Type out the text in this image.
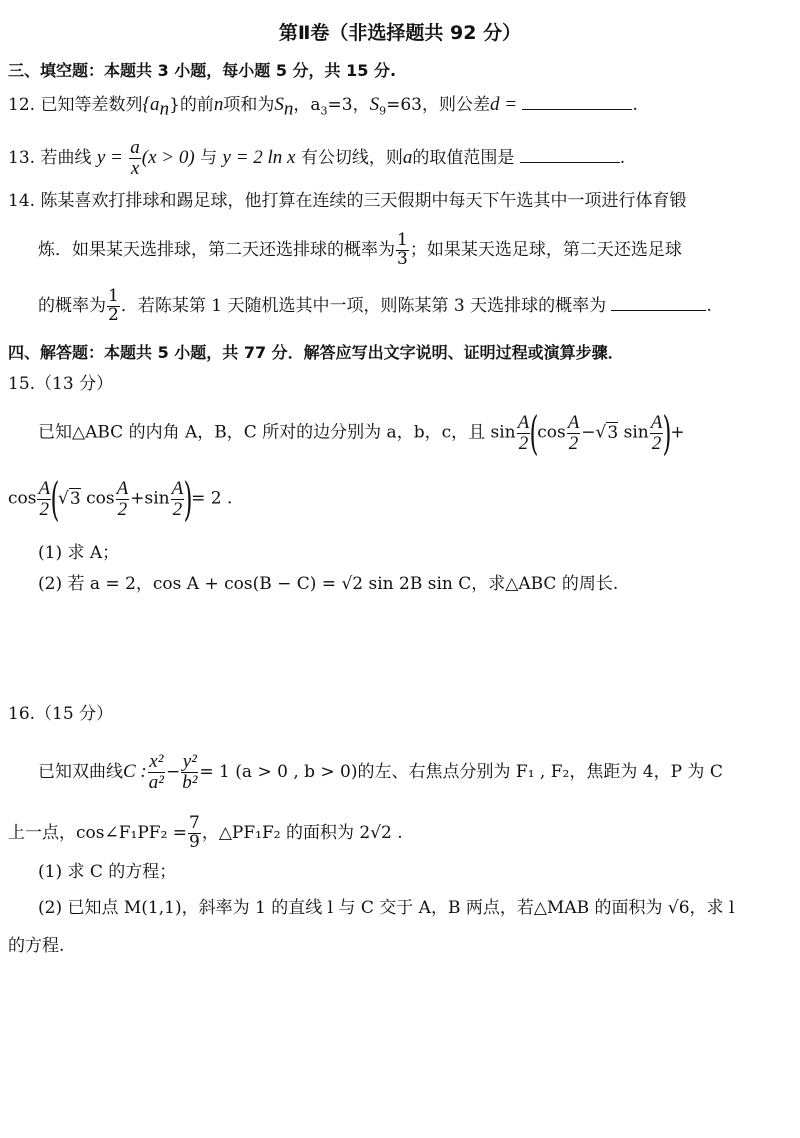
第Ⅱ卷（非选择题共 92 分）
三、填空题：本题共 3 小题，每小题 5 分，共 15 分.
12. 已知等差数列$\{a_n\}$的前n项和为$S_n$，$a_3=3$，$S_9=63$，则公差d =	.
13. 若曲线 $y = \frac{a}{x} (x > 0)$ 与 y = 2 ln x 有公切线，则a的取值范围是	.
14. 陈某喜欢打排球和踢足球，他打算在连续的三天假期中每天下午选其中一项进行体育锻
炼．如果某天选排球，第二天还选排球的概率为 $\frac{1}{3}$ ；如果某天选足球，第二天还选足球
的概率为 $\frac{1}{2}$ ．若陈某第 1 天随机选其中一项，则陈某第 3 天选排球的概率为	.
四、解答题：本题共 5 小题，共 77 分．解答应写出文字说明、证明过程或演算步骤．
15.（13 分）
已知△ABC 的内角 A，B，C 所对的边分别为 a，b，c，且 $\sin \frac{A}{2} (\cos \frac{A}{2} -√3$ $\sin \frac{A}{2}$ )+
$\cos \frac{A}{2} (√3$ $\cos \frac{A}{2} +\sin \frac{A}{2}$ )= 2 .
(1) 求 A；
(2) 若 a = 2，cos A + cos(B − C) = √2 sin 2B sin C，求△ABC 的周长.
16.（15 分）
已知双曲线C : $\frac{\text{x²}}{\text{a²}} - \frac{\text{y²}}{\text{b²}} = 1$ (a > 0 , b > 0)的左、右焦点分别为 F₁ , F₂，焦距为 4，P 为 C
上一点，cos∠F₁PF₂ = $\frac{7}{9}$ ，△PF₁F₂ 的面积为 2√2 .
(1) 求 C 的方程；
(2) 已知点 M(1,1)，斜率为 1 的直线 l 与 C 交于 A，B 两点，若△MAB 的面积为 √6，求 l
的方程.
